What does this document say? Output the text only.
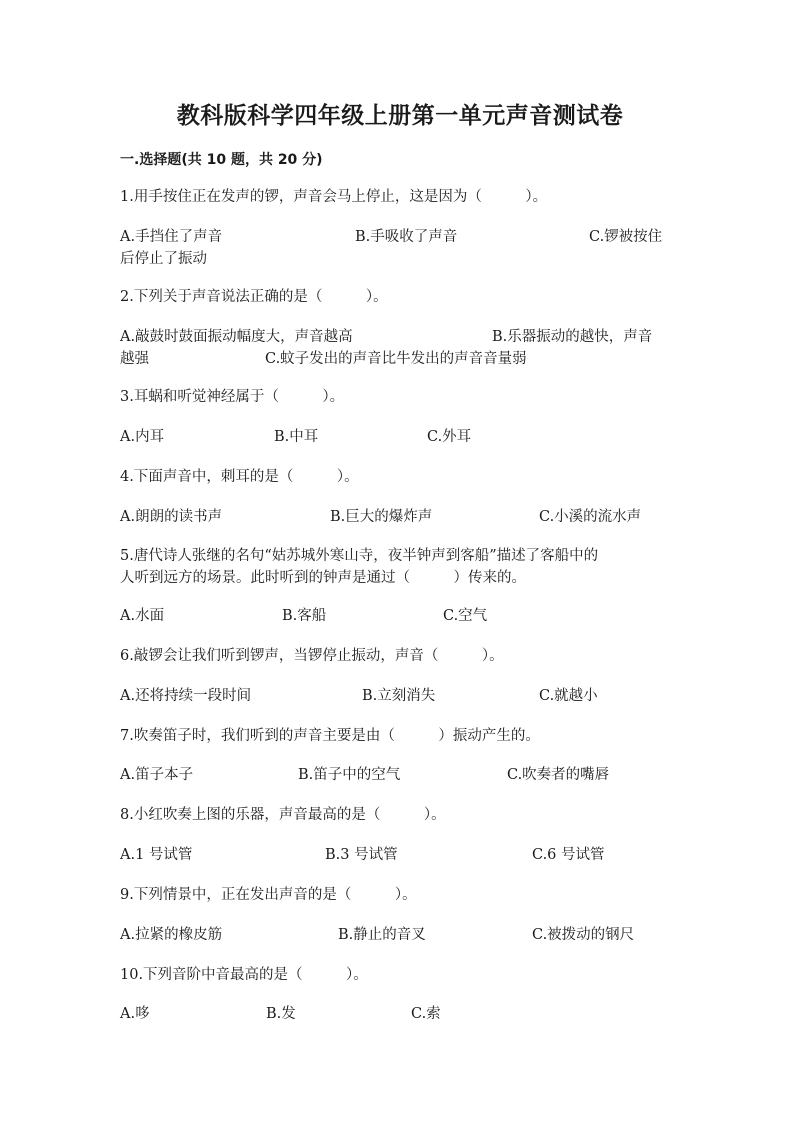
教科版科学四年级上册第一单元声音测试卷
一.选择题(共 10 题，共 20 分)

1.用手按住正在发声的锣，声音会马上停止，这是因为（　　　）。

A.手挡住了声音	B.手吸收了声音	C.锣被按住
后停止了振动

2.下列关于声音说法正确的是（　　　）。

A.敲鼓时鼓面振动幅度大，声音越高	B.乐器振动的越快，声音
越强	C.蚊子发出的声音比牛发出的声音音量弱

3.耳蜗和听觉神经属于（　　　）。

A.内耳	B.中耳	C.外耳

4.下面声音中，刺耳的是（　　　）。

A.朗朗的读书声	B.巨大的爆炸声	C.小溪的流水声

5.唐代诗人张继的名句“姑苏城外寒山寺，夜半钟声到客船”描述了客船中的

人听到远方的场景。此时听到的钟声是通过（　　　）传来的。

A.水面	B.客船	C.空气

6.敲锣会让我们听到锣声，当锣停止振动，声音（　　　）。

A.还将持续一段时间	B.立刻消失	C.就越小

7.吹奏笛子时，我们听到的声音主要是由（　　　）振动产生的。

A.笛子本子	B.笛子中的空气	C.吹奏者的嘴唇

8.小红吹奏上图的乐器，声音最高的是（　　　）。

A.1 号试管	B.3 号试管	C.6 号试管

9.下列情景中，正在发出声音的是（　　　）。

A.拉紧的橡皮筋	B.静止的音叉	C.被拨动的钢尺

10.下列音阶中音最高的是（　　　）。

A.哆	B.发	C.索
